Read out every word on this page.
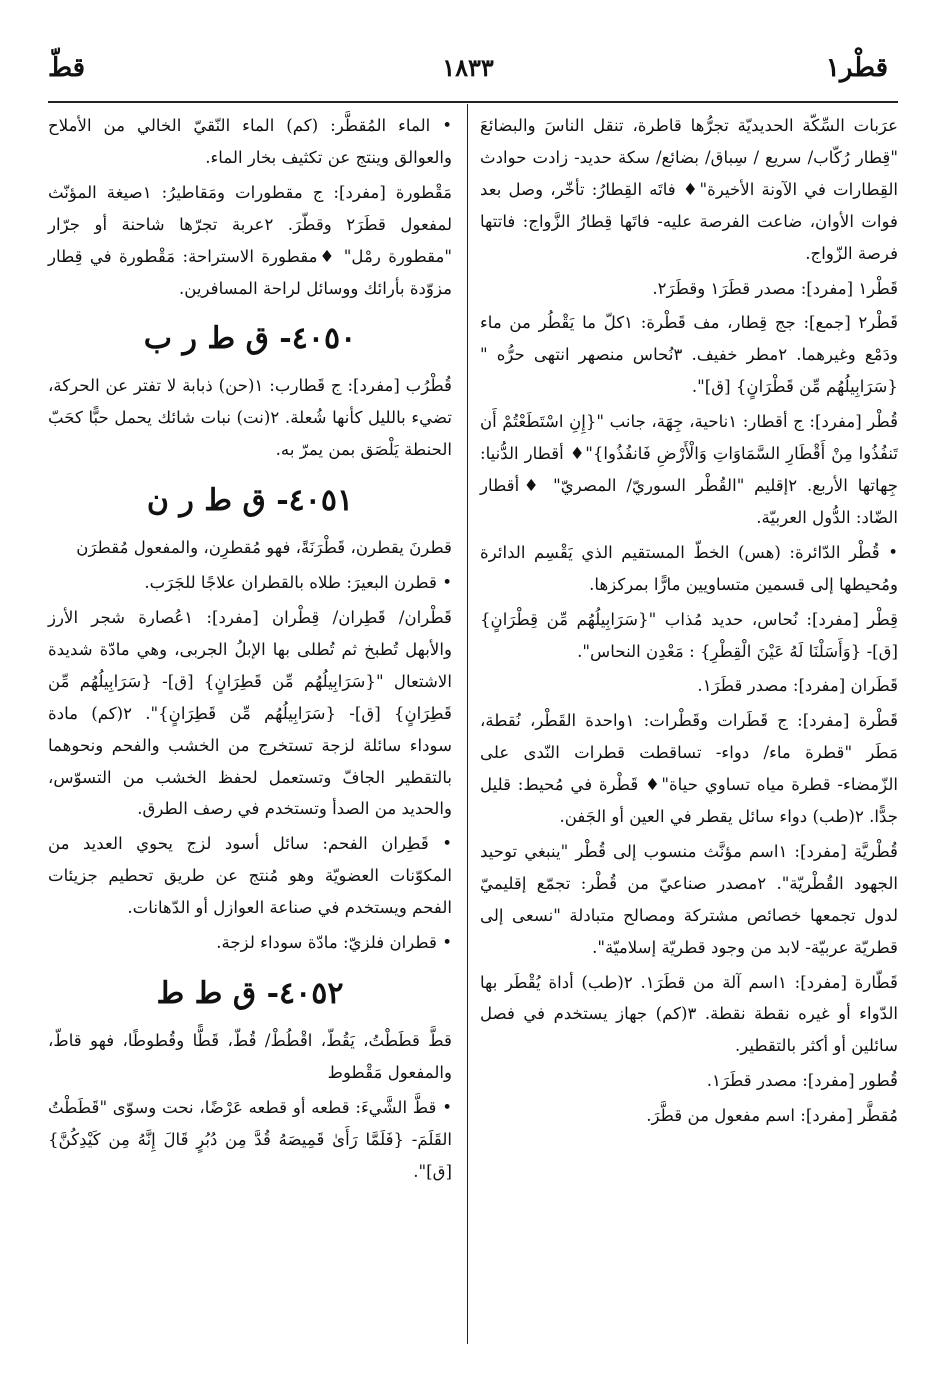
قطْر١
١٨٣٣
قطّ

عرَبات السِّكّة الحديديّة تجرُّها قاطرة، تنقل الناسَ والبضائعَ "قِطار رُكّاب/ سريع / سِباق/ بضائع/ سكة حديد- زادت حوادث القِطارات في الآونة الأخيرة"♦ فاتَه القِطارُ: تأخّر، وصل بعد فوات الأوان، ضاعت الفرصة عليه- فاتَها قِطارُ الزَّواج: فاتتها فرصة الزّواج.

قَطْر١ [مفرد]: مصدر قطَرَ١ وقطَرَ٢.

قَطْر٢ [جمع]: جج قِطار، مف قَطْرة: ١كلّ ما يَقْطُر من ماء ودَمْع وغيرهما. ٢مطر خفيف. ٣نُحاس منصهر انتهى حرُّه "{سَرَابِيلُهُم مِّن قَطْرَانٍ} [ق]".

قُطْر [مفرد]: ج أقطار: ١ناحية، جِهَة، جانب "{إِنِ اسْتَطَعْتُمْ أَن تَنفُذُوا مِنْ أَقْطَارِ السَّمَاوَاتِ وَالْأَرْضِ فَانفُذُوا}"♦ أقطار الدُّنيا: جِهاتها الأربع. ٢إقليم "القُطْر السوريّ/ المصريّ" ♦أقطار الضّاد: الدُّول العربيّة.

• قُطْر الدّائرة: (هس) الخطّ المستقيم الذي يَقْسِم الدائرة ومُحيطها إلى قسمين متساويين مارًّا بمركزها.

قِطْر [مفرد]: نُحاس، حديد مُذاب "{سَرَابِيلُهُم مِّن قِطْرَانٍ} [ق]- {وَأَسَلْنَا لَهُ عَيْنَ الْقِطْرِ} : مَعْدِن النحاس".

قَطَران [مفرد]: مصدر قطَرَ١.

قَطْرة [مفرد]: ج قَطَرات وقَطْرات: ١واحدة القَطْر، نُقطة، مَطَر "قطرة ماء/ دواء- تساقطت قطرات النّدى على الزّمضاء- قطرة مياه تساوي حياة"♦ قَطْرة في مُحيط: قليل جدًّا. ٢(طب) دواء سائل يقطر في العين أو الجَفن.

قُطْريَّة [مفرد]: ١اسم مؤنَّث منسوب إلى قُطْر "ينبغي توحيد الجهود القُطْريّة". ٢مصدر صناعيّ من قُطْر: تجمّع إقليميّ لدول تجمعها خصائص مشتركة ومصالح متبادلة "نسعى إلى قطريّة عربيّة- لابد من وجود قطريّة إسلاميّة".

قَطّارة [مفرد]: ١اسم آلة من قطَرَ١. ٢(طب) أداة يُقْطَر بها الدّواء أو غيره نقطة نقطة. ٣(كم) جهاز يستخدم في فصل سائلين أو أكثر بالتقطير.

قُطور [مفرد]: مصدر قطَرَ١.

مُقطَّر [مفرد]: اسم مفعول من قطَّرَ.

• الماء المُقطَّر: (كم) الماء النّقيّ الخالي من الأملاح والعوالق وينتج عن تكثيف بخار الماء.

مَقْطورة [مفرد]: ج مقطورات ومَقاطيرُ: ١صيغة المؤنّث لمفعول قطَرَ٢ وقطّرَ. ٢عربة تجرّها شاحنة أو جرّار "مقطورة رمْل" ♦مقطورة الاستراحة: مَقْطورة في قِطار مزوّدة بأرائك ووسائل لراحة المسافرين.

٤٠٥٠- ق ط ر ب

قُطْرُب [مفرد]: ج قَطارب: ١(حن) ذبابة لا تفتر عن الحركة، تضيء بالليل كأنها شُعلة. ٢(نت) نبات شائك يحمل حبًّا كحَبّ الحنطة يَلْصَق بمن يمرّ به.

٤٠٥١- ق ط ر ن

قطرنَ يقطرن، قَطْرَنَةً، فهو مُقطرِن، والمفعول مُقطرَن

• قطرن البعيرَ: طلاه بالقطران علاجًا للجَرَب.

قَطْران/ قَطِران/ قِطْران [مفرد]: ١عُصارة شجر الأرز والأبهل تُطبخ ثم تُطلى بها الإبلُ الجربى، وهي مادّة شديدة الاشتعال "{سَرَابِيلُهُم مِّن قَطِرَانٍ} [ق]- {سَرَابِيلُهُم مِّن قَطِرَانٍ} [ق]- {سَرَابِيلُهُم مِّن قَطِرَانٍ}". ٢(كم) مادة سوداء سائلة لزجة تستخرج من الخشب والفحم ونحوهما بالتقطير الجافّ وتستعمل لحفظ الخشب من التسوّس، والحديد من الصدأ وتستخدم في رصف الطرق.

• قَطِران الفحم: سائل أسود لزج يحوي العديد من المكوّنات العضويّة وهو مُنتج عن طريق تحطيم جزيئات الفحم ويستخدم في صناعة العوازل أو الدّهانات.

• قطران فلزيّ: مادّة سوداء لزجة.

٤٠٥٢- ق ط ط

قطَّ قطَطْتُ، يَقُطّ، اقْطُطْ/ قُطّ، قَطًّا وقُطوطًا، فهو قاطّ، والمفعول مَقْطوط

• قطَّ الشَّيءَ: قطعه أو قطعه عَرْضًا، نحت وسوّى "قَطَطْتُ القَلَمَ- {فَلَمَّا رَأَىٰ قَمِيصَهُ قُدَّ مِن دُبُرٍ قَالَ إِنَّهُ مِن كَيْدِكُنَّ} [ق]".
